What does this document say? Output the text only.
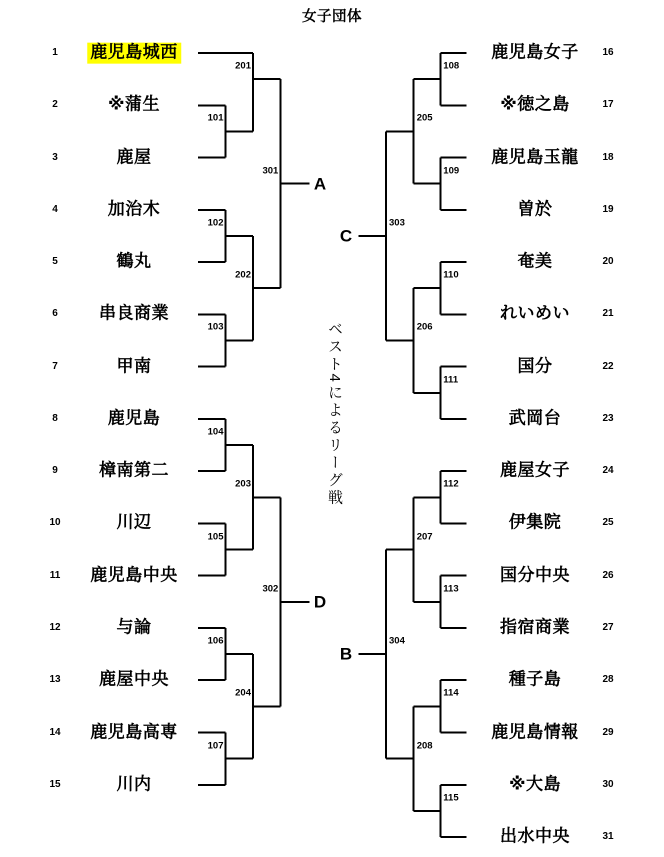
女子団体
ベスト4によるリーグ戦
1 鹿児島城西
2	※蒲生
3	鹿屋
4	加治木
5	鶴丸
6 串良商業
7	甲南
8	鹿児島
9 樟南第二
10	川辺
11 鹿児島中央
12	与論
13 鹿屋中央
14 鹿児島高専
15	川内
101
102
103
201
202
301
A
104
105
106
107
203
204
302
D
16
鹿児島女子
17
※徳之島
18
鹿児島玉龍
19
曽於
20
奄美
21
れいめい
22
国分
23
武岡台
24
鹿屋女子
25
伊集院
26
国分中央
27
指宿商業
28
種子島
29
鹿児島情報
30
※大島
31
出水中央
108
109
110
111
205
206
303
C
112
113
114
115
207
208
304
B
